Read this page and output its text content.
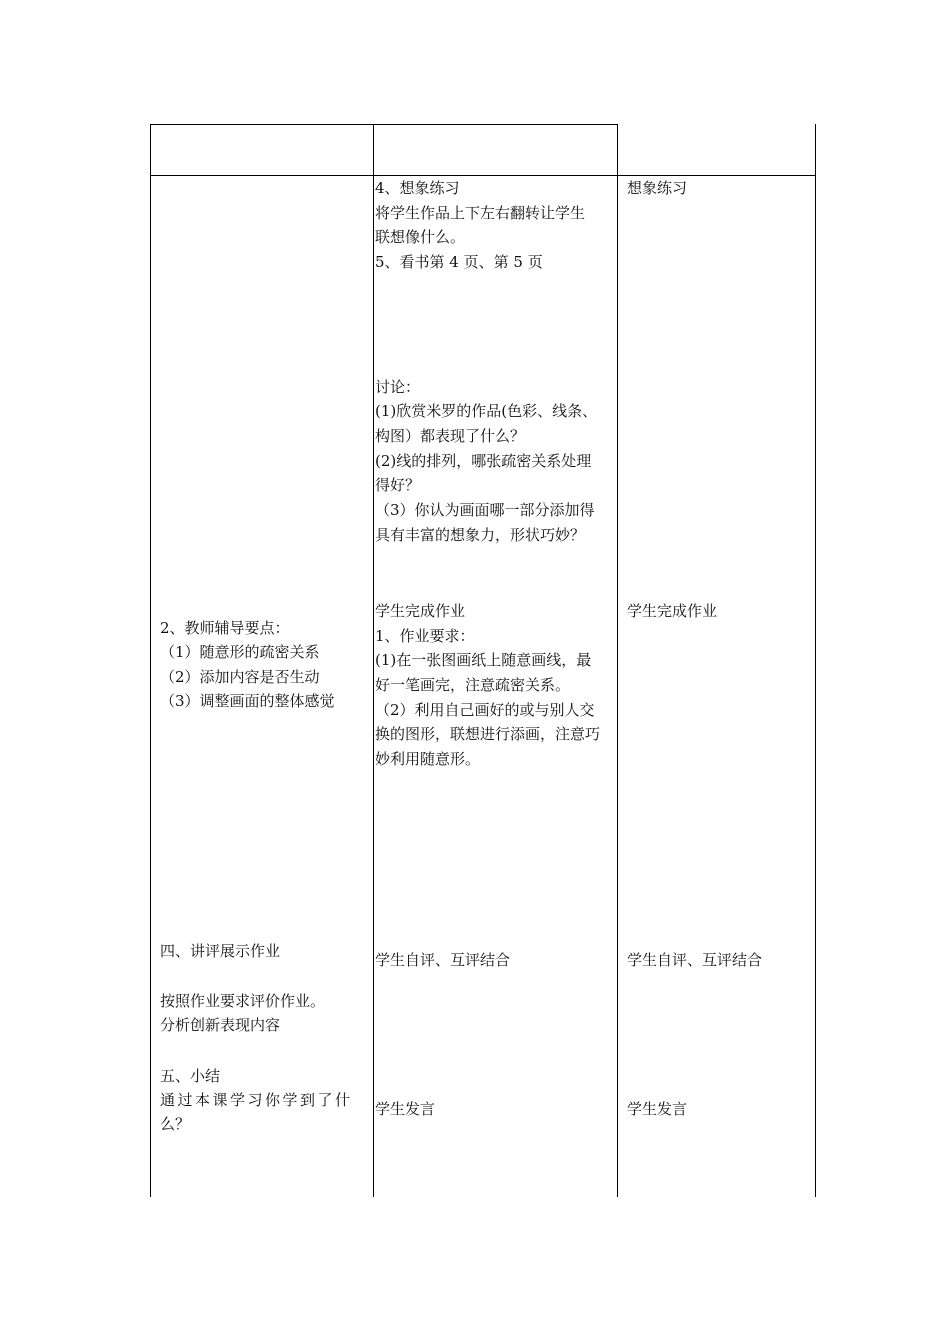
2、教师辅导要点：
（1）随意形的疏密关系
（2）添加内容是否生动
（3）调整画面的整体感觉
四、讲评展示作业
按照作业要求评价作业。
分析创新表现内容
五、小结
通过本课学习你学到了什
么？
4、想象练习
将学生作品上下左右翻转让学生
联想像什么。
5、看书第 4 页、第 5 页
讨论：
(1)欣赏米罗的作品(色彩、线条、
构图）都表现了什么？
(2)线的排列，哪张疏密关系处理
得好？
（3）你认为画面哪一部分添加得
具有丰富的想象力，形状巧妙？
学生完成作业
1、作业要求：
(1)在一张图画纸上随意画线，最
好一笔画完，注意疏密关系。
（2）利用自己画好的或与别人交
换的图形，联想进行添画，注意巧
妙利用随意形。
学生自评、互评结合
学生发言
想象练习
学生完成作业
学生自评、互评结合
学生发言
